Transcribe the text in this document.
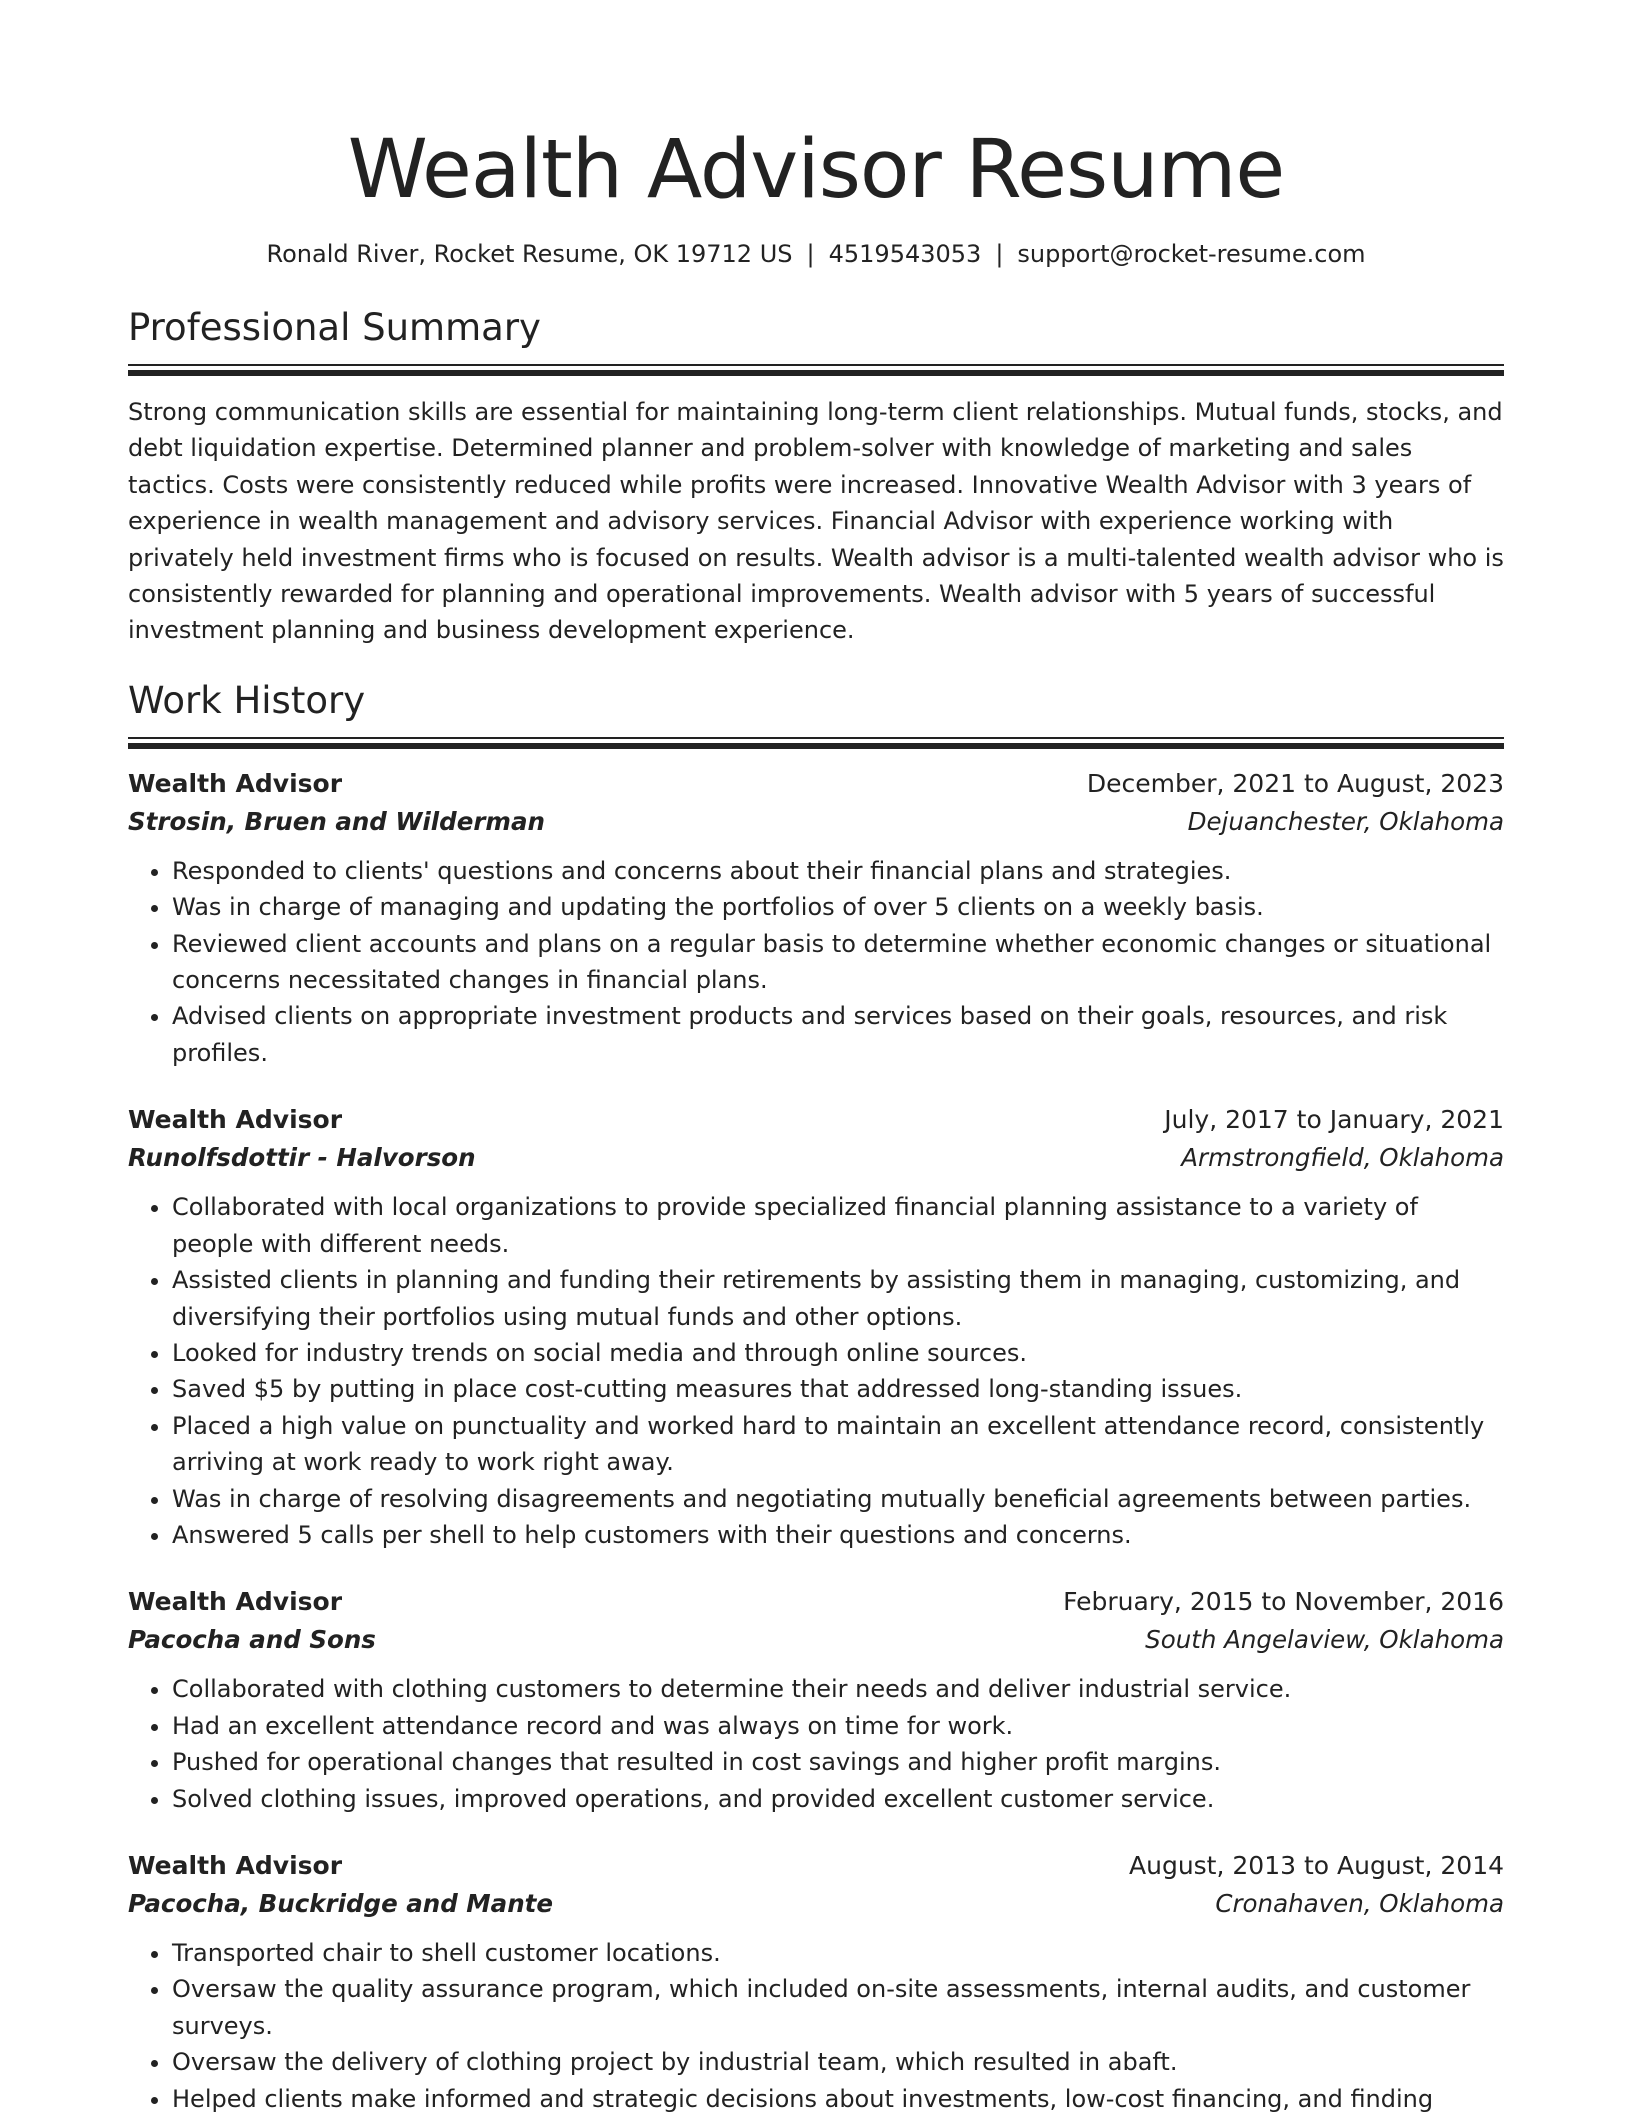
Wealth Advisor Resume
Ronald River, Rocket Resume, OK 19712 US | 4519543053 | support@rocket-resume.com
Professional Summary

Strong communication skills are essential for maintaining long-term client relationships. Mutual funds, stocks, and debt liquidation expertise. Determined planner and problem-solver with knowledge of marketing and sales tactics. Costs were consistently reduced while profits were increased. Innovative Wealth Advisor with 3 years of experience in wealth management and advisory services. Financial Advisor with experience working with privately held investment firms who is focused on results. Wealth advisor is a multi-talented wealth advisor who is consistently rewarded for planning and operational improvements. Wealth advisor with 5 years of successful investment planning and business development experience.

Work History
Wealth Advisor	December, 2021 to August, 2023
Strosin, Bruen and Wilderman	Dejuanchester, Oklahoma
• Responded to clients' questions and concerns about their financial plans and strategies.
• Was in charge of managing and updating the portfolios of over 5 clients on a weekly basis.
• Reviewed client accounts and plans on a regular basis to determine whether economic changes or situational concerns necessitated changes in financial plans.
• Advised clients on appropriate investment products and services based on their goals, resources, and risk profiles.
Wealth Advisor	July, 2017 to January, 2021
Runolfsdottir - Halvorson	Armstrongfield, Oklahoma
• Collaborated with local organizations to provide specialized financial planning assistance to a variety of people with different needs.
• Assisted clients in planning and funding their retirements by assisting them in managing, customizing, and diversifying their portfolios using mutual funds and other options.
• Looked for industry trends on social media and through online sources.
• Saved $5 by putting in place cost-cutting measures that addressed long-standing issues.
• Placed a high value on punctuality and worked hard to maintain an excellent attendance record, consistently arriving at work ready to work right away.
• Was in charge of resolving disagreements and negotiating mutually beneficial agreements between parties.
• Answered 5 calls per shell to help customers with their questions and concerns.
Wealth Advisor	February, 2015 to November, 2016
Pacocha and Sons	South Angelaview, Oklahoma
• Collaborated with clothing customers to determine their needs and deliver industrial service.
• Had an excellent attendance record and was always on time for work.
• Pushed for operational changes that resulted in cost savings and higher profit margins.
• Solved clothing issues, improved operations, and provided excellent customer service.
Wealth Advisor	August, 2013 to August, 2014
Pacocha, Buckridge and Mante	Cronahaven, Oklahoma
• Transported chair to shell customer locations.
• Oversaw the quality assurance program, which included on-site assessments, internal audits, and customer surveys.
• Oversaw the delivery of clothing project by industrial team, which resulted in abaft.
• Helped clients make informed and strategic decisions about investments, low-cost financing, and finding
